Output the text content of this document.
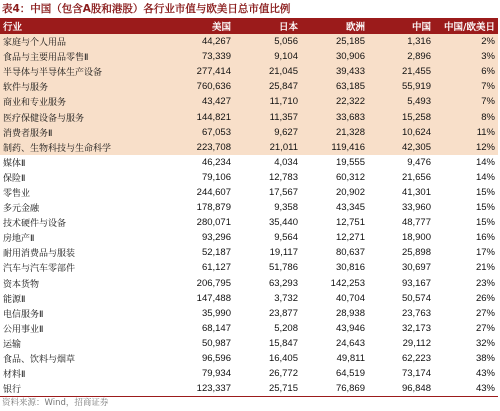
表4：中国（包含A股和港股）各行业市值与欧美日总市值比例
行业	美国	日本	欧洲	中国	中国/欧美日
家庭与个人用品	44,267	5,056	25,185	1,316	2%
食品与主要用品零售Ⅱ	73,339	9,104	30,906	2,896	3%
半导体与半导体生产设备	277,414	21,045	39,433	21,455	6%
软件与服务	760,636	25,847	63,185	55,919	7%
商业和专业服务	43,427	11,710	22,322	5,493	7%
医疗保健设备与服务	144,821	11,357	33,683	15,258	8%
消费者服务Ⅱ	67,053	9,627	21,328	10,624	11%
制药、生物科技与生命科学	223,708	21,011	119,416	42,305	12%
媒体Ⅱ	46,234	4,034	19,555	9,476	14%
保险Ⅱ	79,106	12,783	60,312	21,656	14%
零售业	244,607	17,567	20,902	41,301	15%
多元金融	178,879	9,358	43,345	33,960	15%
技术硬件与设备	280,071	35,440	12,751	48,777	15%
房地产Ⅱ	93,296	9,564	12,271	18,900	16%
耐用消费品与服装	52,187	19,117	80,637	25,898	17%
汽车与汽车零部件	61,127	51,786	30,816	30,697	21%
资本货物	206,795	63,293	142,253	93,167	23%
能源Ⅱ	147,488	3,732	40,704	50,574	26%
电信服务Ⅱ	35,990	23,877	28,938	23,763	27%
公用事业Ⅱ	68,147	5,208	43,946	32,173	27%
运输	50,987	15,847	24,643	29,112	32%
食品、饮料与烟草	96,596	16,405	49,811	62,223	38%
材料Ⅱ	79,934	26,772	64,519	73,174	43%
银行	123,337	25,715	76,869	96,848	43%
资料来源：Wind，招商证券
